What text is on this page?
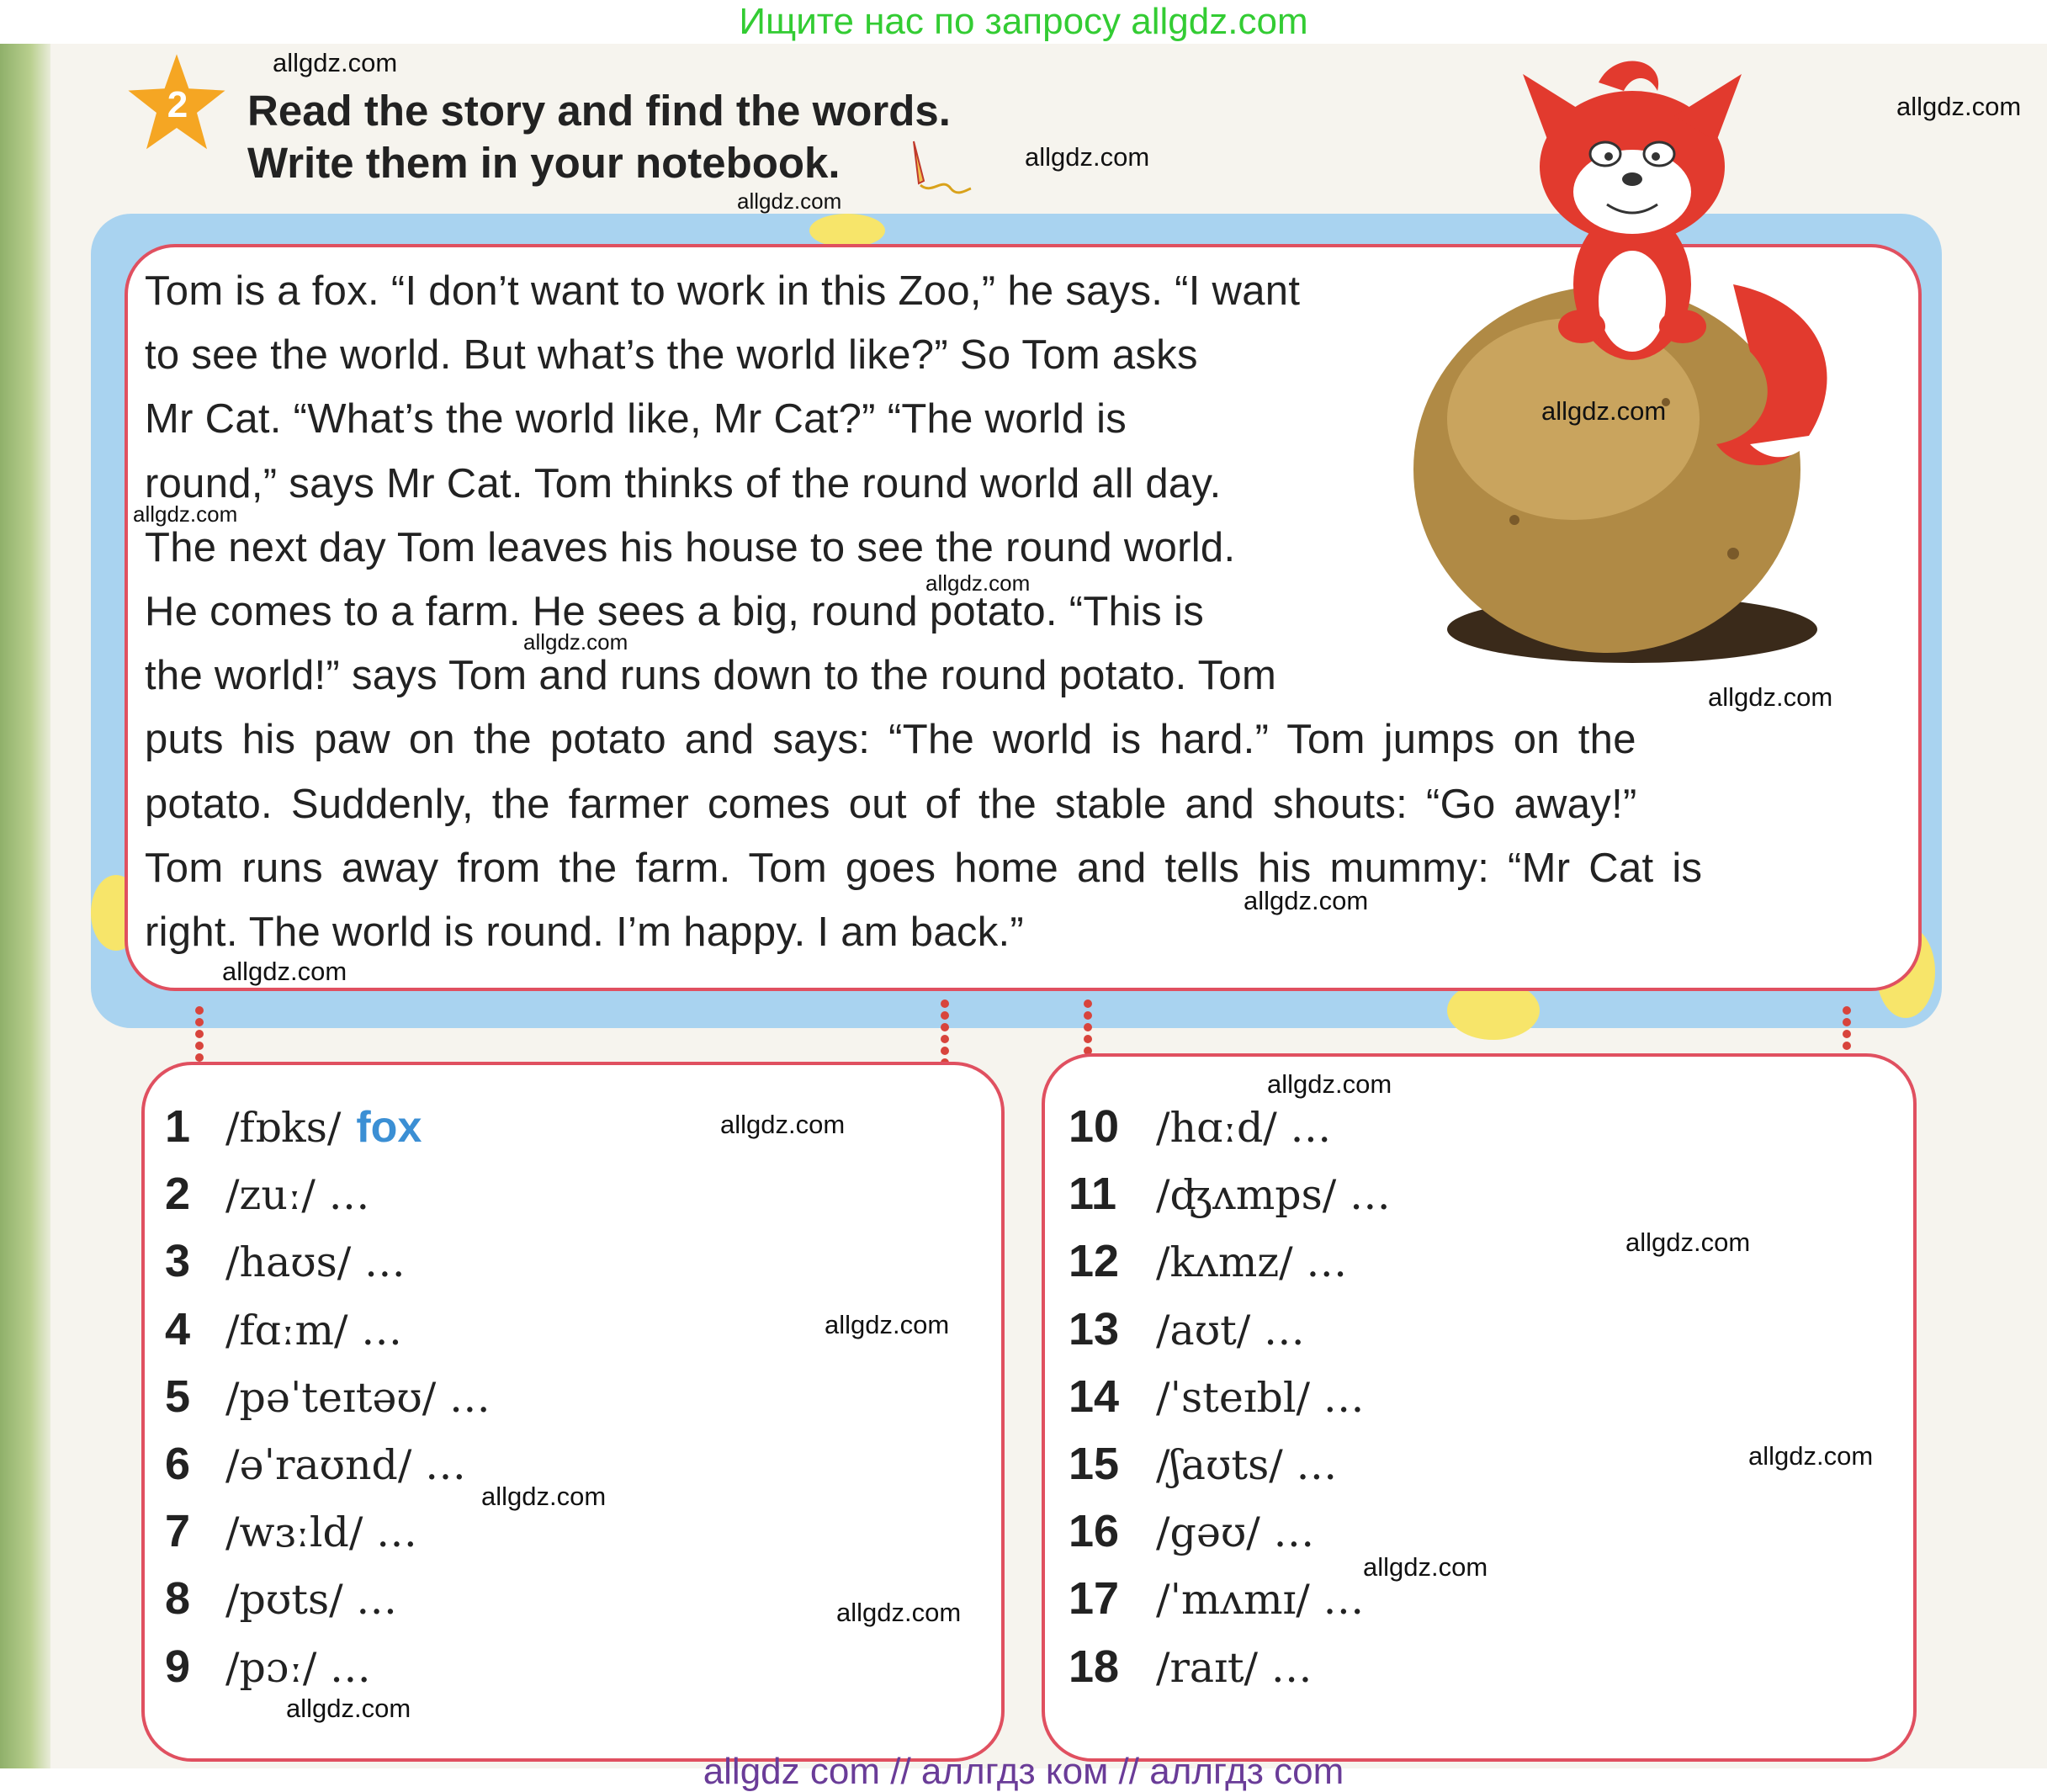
Ищите нас по запросу allgdz.com
2 Read the story and find the words.
Write them in your notebook.
Tom is a fox. “I don’t want to work in this Zoo,” he says. “I want
to see the world. But what’s the world like?” So Tom asks
Mr Cat. “What’s the world like, Mr Cat?” “The world is
round,” says Mr Cat. Tom thinks of the round world all day.
The next day Tom leaves his house to see the round world.
He comes to a farm. He sees a big, round potato. “This is
the world!” says Tom and runs down to the round potato. Tom
puts his paw on the potato and says: “The world is hard.” Tom jumps on the
potato. Suddenly, the farmer comes out of the stable and shouts: “Go away!”
Tom runs away from the farm. Tom goes home and tells his mummy: “Mr Cat is
right. The world is round. I’m happy. I am back.”
1 /fɒks/ fox
2 /zuː/ …
3 /haʊs/ …
4 /fɑːm/ …
5 /pəˈteɪtəʊ/ …
6 /əˈraʊnd/ …
7 /wɜːld/ …
8 /pʊts/ …
9 /pɔː/ …
10 /hɑːd/ …
11 /ʤʌmps/ …
12 /kʌmz/ …
13 /aʊt/ …
14 /ˈsteɪbl/ …
15 /ʃaʊts/ …
16 /gəʊ/ …
17 /ˈmʌmɪ/ …
18 /raɪt/ …
allgdz.com
allgdz.com
allgdz.com
allgdz.com
allgdz.com
allgdz.com
allgdz.com
allgdz.com
allgdz.com
allgdz.com
allgdz.com
allgdz.com
allgdz.com
allgdz.com
allgdz.com
allgdz.com
allgdz.com
allgdz.com
allgdz.com
allgdz.com
allgdz com // аллгдз ком // аллгдз com
